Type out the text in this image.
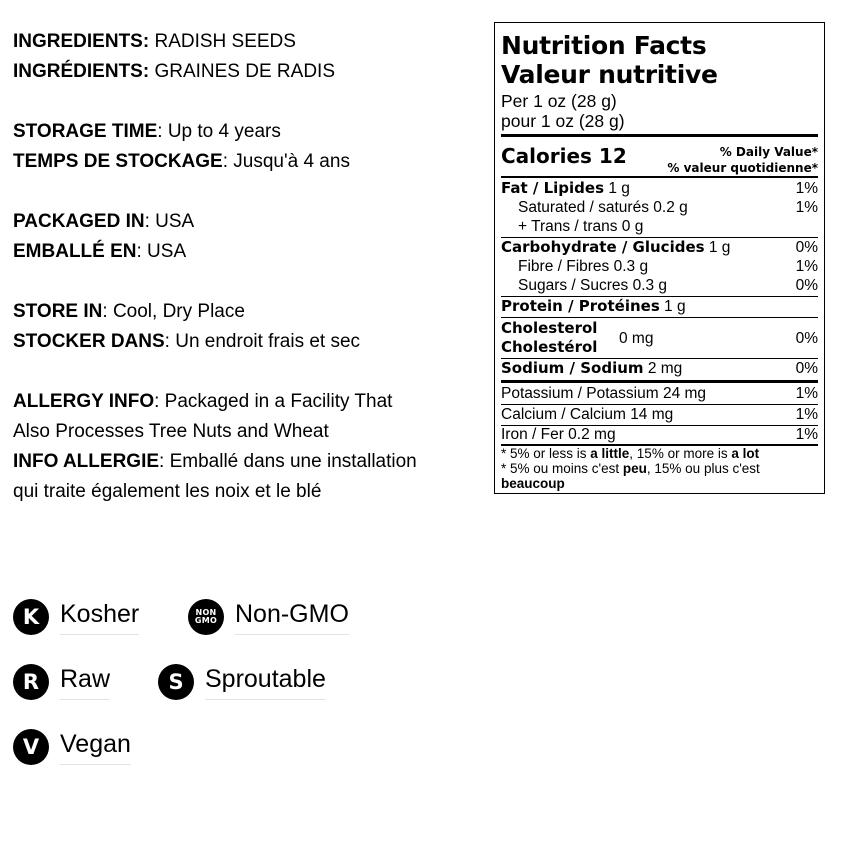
INGREDIENTS: RADISH SEEDS
INGRÉDIENTS: GRAINES DE RADIS
STORAGE TIME: Up to 4 years
TEMPS DE STOCKAGE: Jusqu'à 4 ans
PACKAGED IN: USA
EMBALLÉ EN: USA
STORE IN: Cool, Dry Place
STOCKER DANS: Un endroit frais et sec
ALLERGY INFO: Packaged in a Facility That
Also Processes Tree Nuts and Wheat
INFO ALLERGIE: Emballé dans une installation
qui traite également les noix et le blé
K Kosher	NON
GMO Non-GMO
R Raw	S Sproutable
V Vegan
Nutrition Facts
Valeur nutritive
Per 1 oz (28 g)
pour 1 oz (28 g)
Calories 12	% Daily Value*
% valeur quotidienne*
Fat / Lipides 1 g	1%
Saturated / saturés 0.2 g	1%
+ Trans / trans 0 g
Carbohydrate / Glucides 1 g	0%
Fibre / Fibres 0.3 g	1%
Sugars / Sucres 0.3 g	0%
Protein / Protéines 1 g
Cholesterol
Cholestérol 0 mg	0%
Sodium / Sodium 2 mg	0%
Potassium / Potassium 24 mg	1%
Calcium / Calcium 14 mg	1%
Iron / Fer 0.2 mg	1%
* 5% or less is a little, 15% or more is a lot
* 5% ou moins c'est peu, 15% ou plus c'est
beaucoup
